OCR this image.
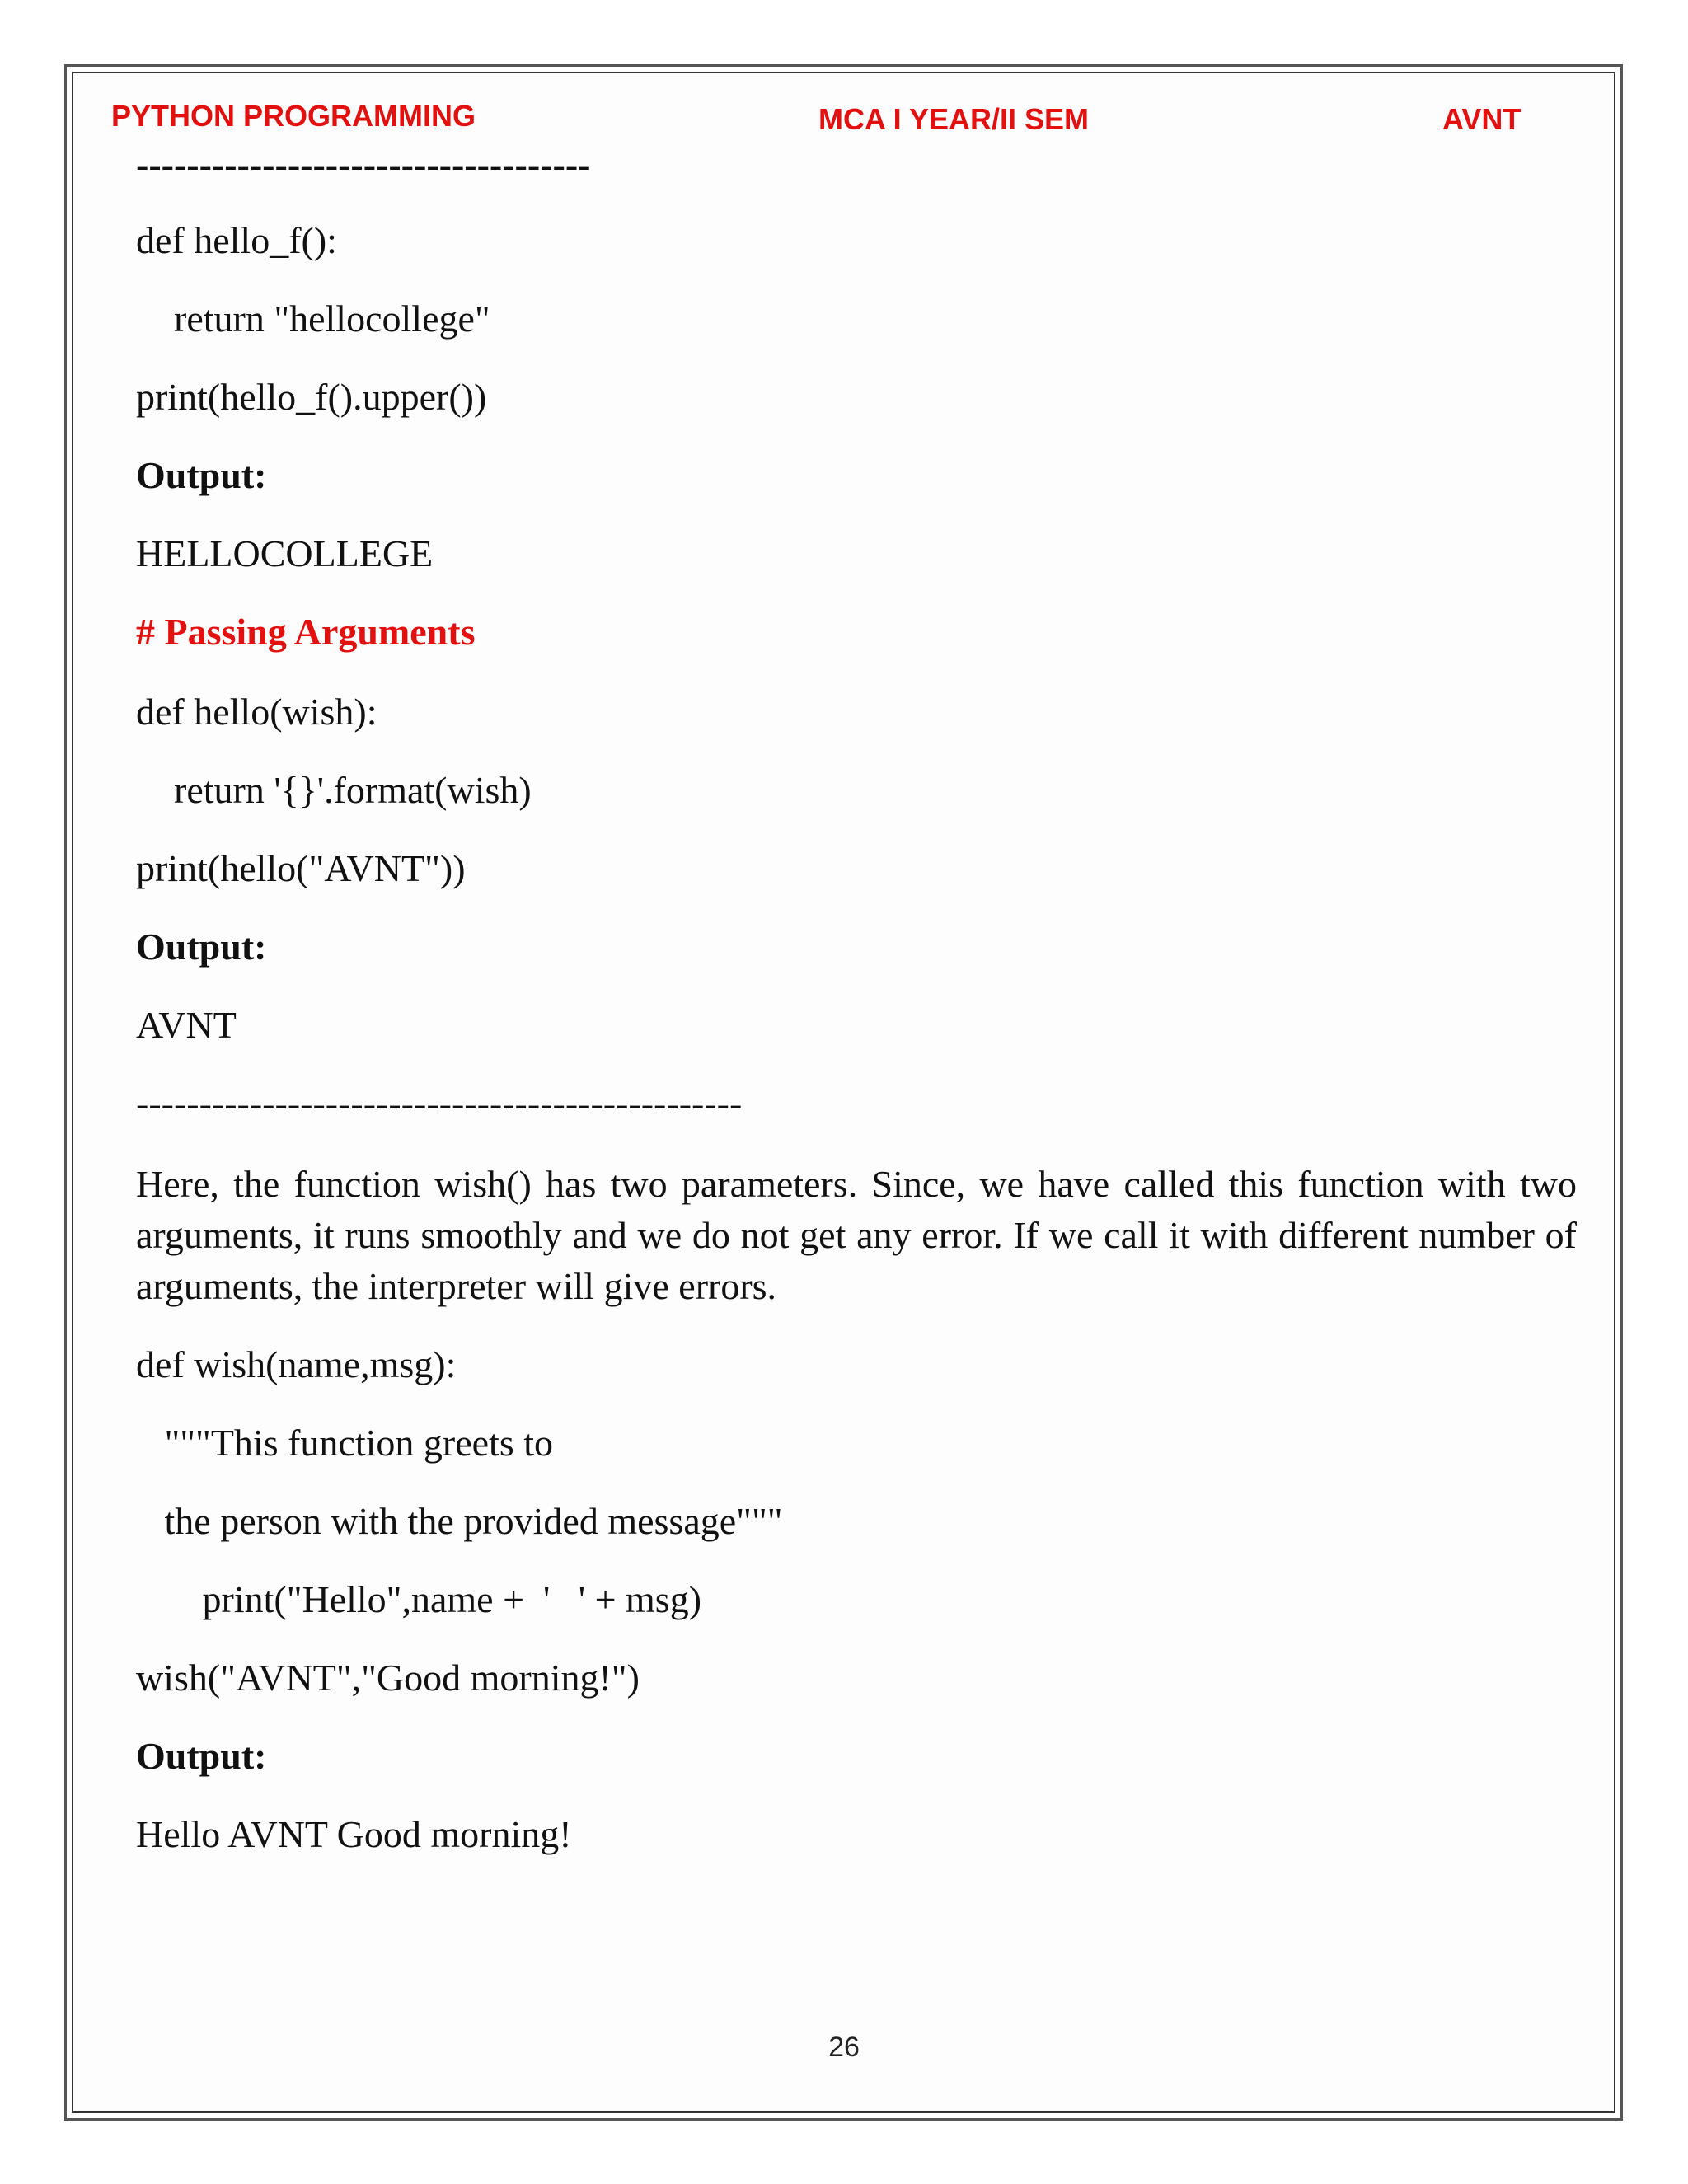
PYTHON PROGRAMMING	MCA I YEAR/II SEM	AVNT
------------------------------------
def hello_f():
return "hellocollege"
print(hello_f().upper())
Output:
HELLOCOLLEGE
# Passing Arguments
def hello(wish):
return '{}'.format(wish)
print(hello("AVNT"))
Output:
AVNT
------------------------------------------------
Here, the function wish() has two parameters. Since, we have called this function with two arguments, it runs smoothly and we do not get any error. If we call it with different number of arguments, the interpreter will give errors.
def wish(name,msg):
"""This function greets to
the person with the provided message"""
print("Hello",name +  '   ' + msg)
wish("AVNT","Good morning!")
Output:
Hello AVNT Good morning!
26
